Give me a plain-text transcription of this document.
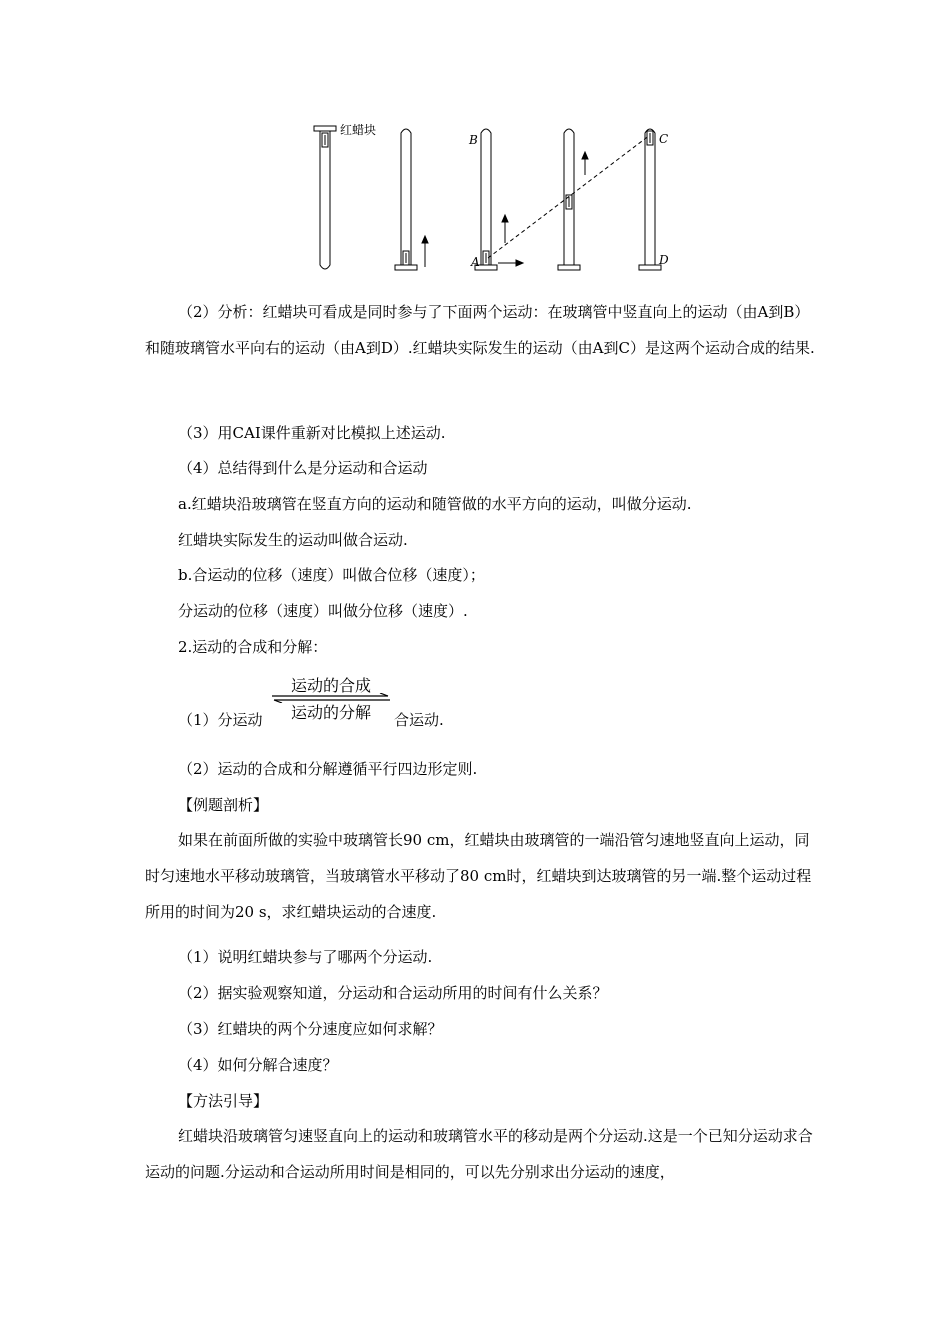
红蜡块
B
A
C
D

（2）分析：红蜡块可看成是同时参与了下面两个运动：在玻璃管中竖直向上的运动（由A到B）和随玻璃管水平向右的运动（由A到D）.红蜡块实际发生的运动（由A到C）是这两个运动合成的结果.

（3）用CAI课件重新对比模拟上述运动.
（4）总结得到什么是分运动和合运动
a.红蜡块沿玻璃管在竖直方向的运动和随管做的水平方向的运动，叫做分运动.
红蜡块实际发生的运动叫做合运动.
b.合运动的位移（速度）叫做合位移（速度）；
分运动的位移（速度）叫做分位移（速度）.
2.运动的合成和分解：
（1）分运动
运动的合成
运动的分解	合运动.
（2）运动的合成和分解遵循平行四边形定则.
【例题剖析】

如果在前面所做的实验中玻璃管长90 cm，红蜡块由玻璃管的一端沿管匀速地竖直向上运动，同时匀速地水平移动玻璃管，当玻璃管水平移动了80 cm时，红蜡块到达玻璃管的另一端.整个运动过程所用的时间为20 s，求红蜡块运动的合速度.

（1）说明红蜡块参与了哪两个分运动.
（2）据实验观察知道，分运动和合运动所用的时间有什么关系？
（3）红蜡块的两个分速度应如何求解？
（4）如何分解合速度？
【方法引导】

红蜡块沿玻璃管匀速竖直向上的运动和玻璃管水平的移动是两个分运动.这是一个已知分运动求合运动的问题.分运动和合运动所用时间是相同的，可以先分别求出分运动的速度，
